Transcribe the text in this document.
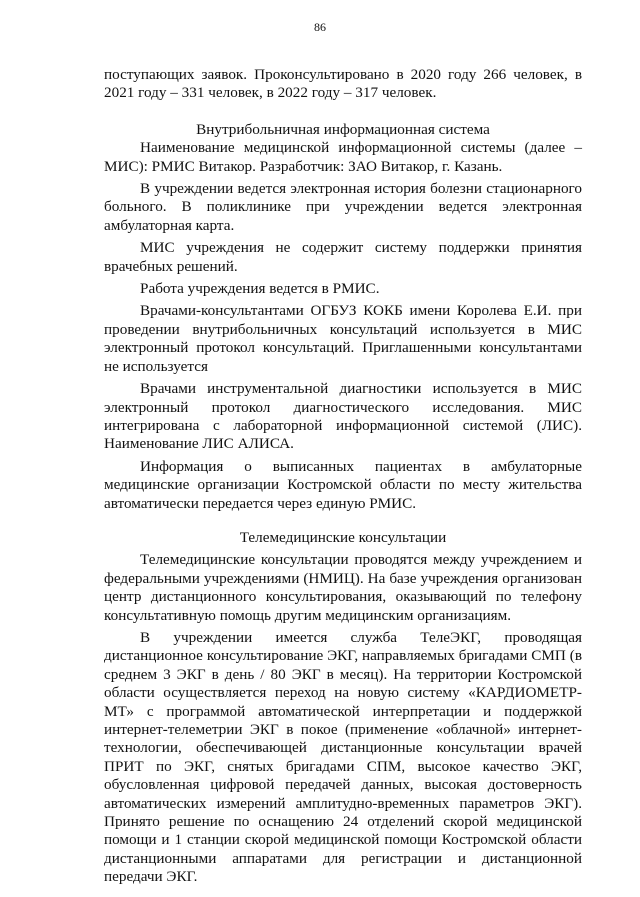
86

поступающих заявок. Проконсультировано в 2020 году 266 человек, в 2021 году – 331 человек, в 2022 году – 317 человек.

Внутрибольничная информационная система

Наименование медицинской информационной системы (далее – МИС): РМИС Витакор. Разработчик: ЗАО Витакор, г. Казань.

В учреждении ведется электронная история болезни стационарного больного. В поликлинике при учреждении ведется электронная амбулаторная карта.

МИС учреждения не содержит систему поддержки принятия врачебных решений.

Работа учреждения ведется в РМИС.

Врачами-консультантами ОГБУЗ КОКБ имени Королева Е.И. при проведении внутрибольничных консультаций используется в МИС электронный протокол консультаций. Приглашенными консультантами не используется

Врачами инструментальной диагностики используется в МИС электронный протокол диагностического исследования. МИС интегрирована с лабораторной информационной системой (ЛИС). Наименование ЛИС АЛИСА.

Информация о выписанных пациентах в амбулаторные медицинские организации Костромской области по месту жительства автоматически передается через единую РМИС.

Телемедицинские консультации

Телемедицинские консультации проводятся между учреждением и федеральными учреждениями (НМИЦ). На базе учреждения организован центр дистанционного консультирования, оказывающий по телефону консультативную помощь другим медицинским организациям.

В учреждении имеется служба ТелеЭКГ, проводящая дистанционное консультирование ЭКГ, направляемых бригадами СМП (в среднем 3 ЭКГ в день / 80 ЭКГ в месяц). На территории Костромской области осуществляется переход на новую систему «КАРДИОМЕТР-МТ» с программой автоматической интерпретации и поддержкой интернет-телеметрии ЭКГ в покое (применение «облачной» интернет-технологии, обеспечивающей дистанционные консультации врачей ПРИТ по ЭКГ, снятых бригадами СПМ, высокое качество ЭКГ, обусловленная цифровой передачей данных, высокая достоверность автоматических измерений амплитудно-временных параметров ЭКГ). Принято решение по оснащению 24 отделений скорой медицинской помощи и 1 станции скорой медицинской помощи Костромской области дистанционными аппаратами для регистрации и дистанционной передачи ЭКГ.
